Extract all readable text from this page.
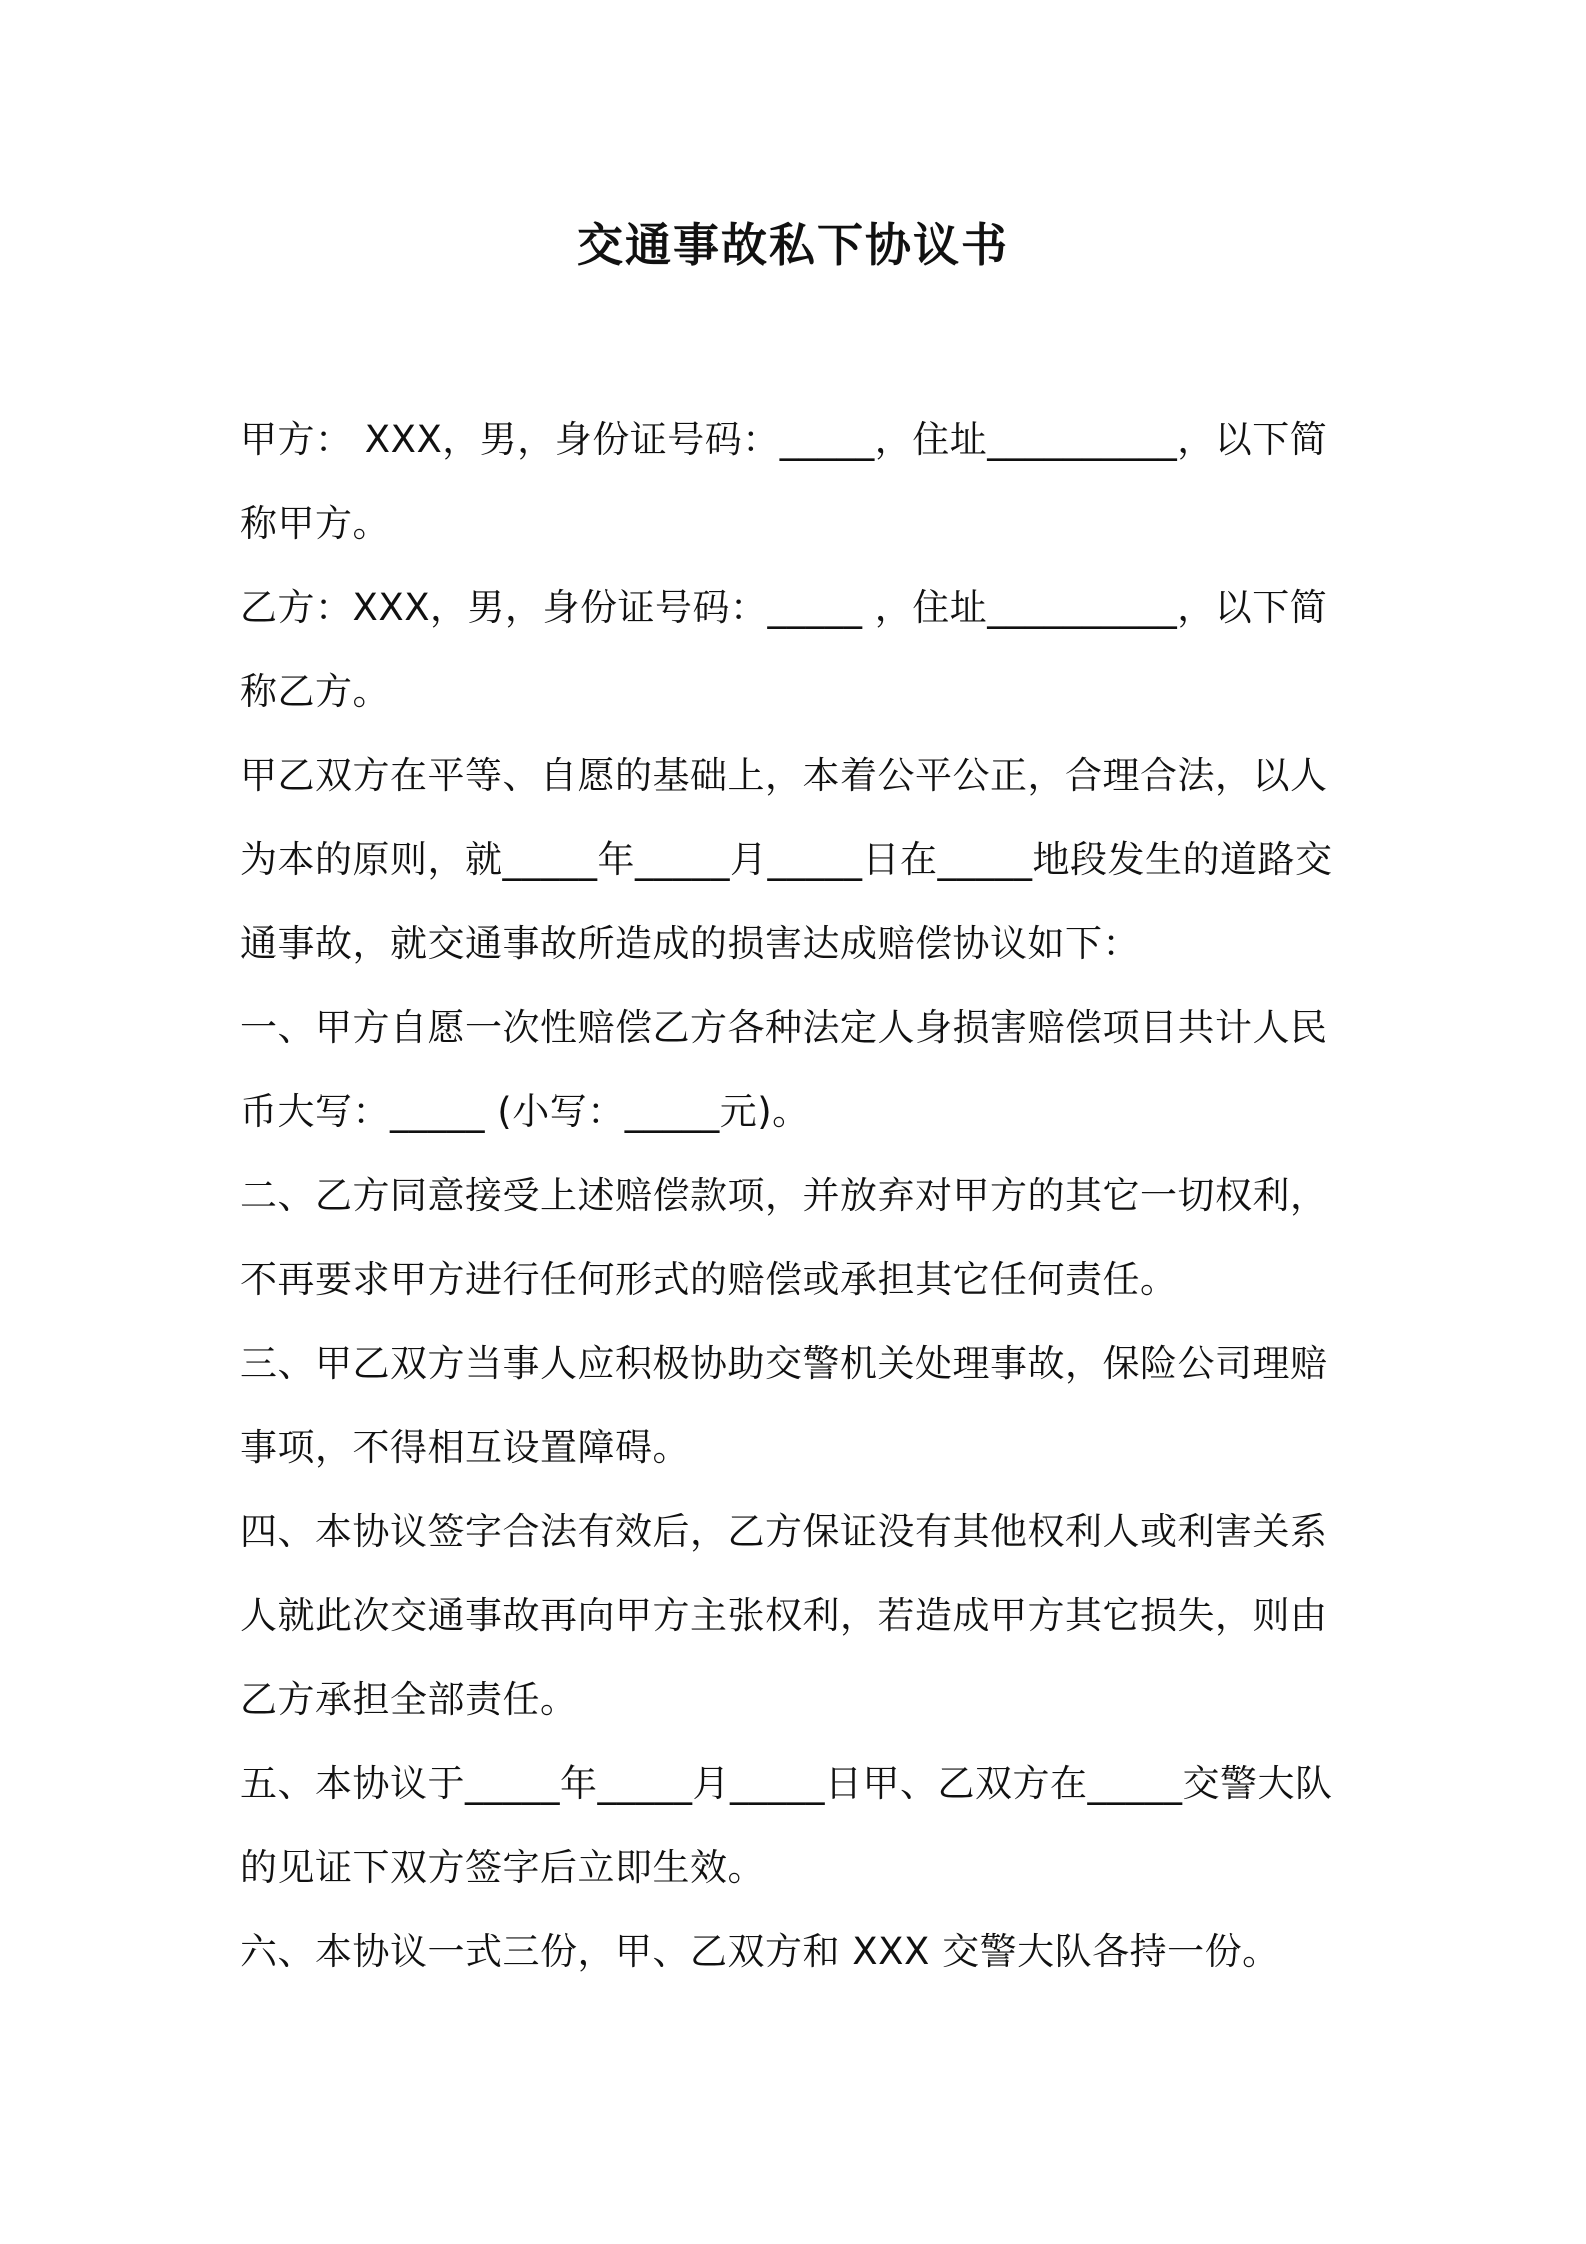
交通事故私下协议书

甲方： XXX，男，身份证号码：_____，住址__________，以下简称甲方。

乙方：XXX，男，身份证号码：_____ ，住址__________，以下简称乙方。

甲乙双方在平等、自愿的基础上，本着公平公正，合理合法，以人为本的原则，就_____年_____月_____日在_____地段发生的道路交通事故，就交通事故所造成的损害达成赔偿协议如下：

一、甲方自愿一次性赔偿乙方各种法定人身损害赔偿项目共计人民币大写：_____ (小写：_____元)。

二、乙方同意接受上述赔偿款项，并放弃对甲方的其它一切权利，不再要求甲方进行任何形式的赔偿或承担其它任何责任。

三、甲乙双方当事人应积极协助交警机关处理事故，保险公司理赔事项，不得相互设置障碍。

四、本协议签字合法有效后，乙方保证没有其他权利人或利害关系人就此次交通事故再向甲方主张权利，若造成甲方其它损失，则由乙方承担全部责任。

五、本协议于_____年_____月_____日甲、乙双方在_____交警大队的见证下双方签字后立即生效。

六、本协议一式三份，甲、乙双方和 XXX 交警大队各持一份。
